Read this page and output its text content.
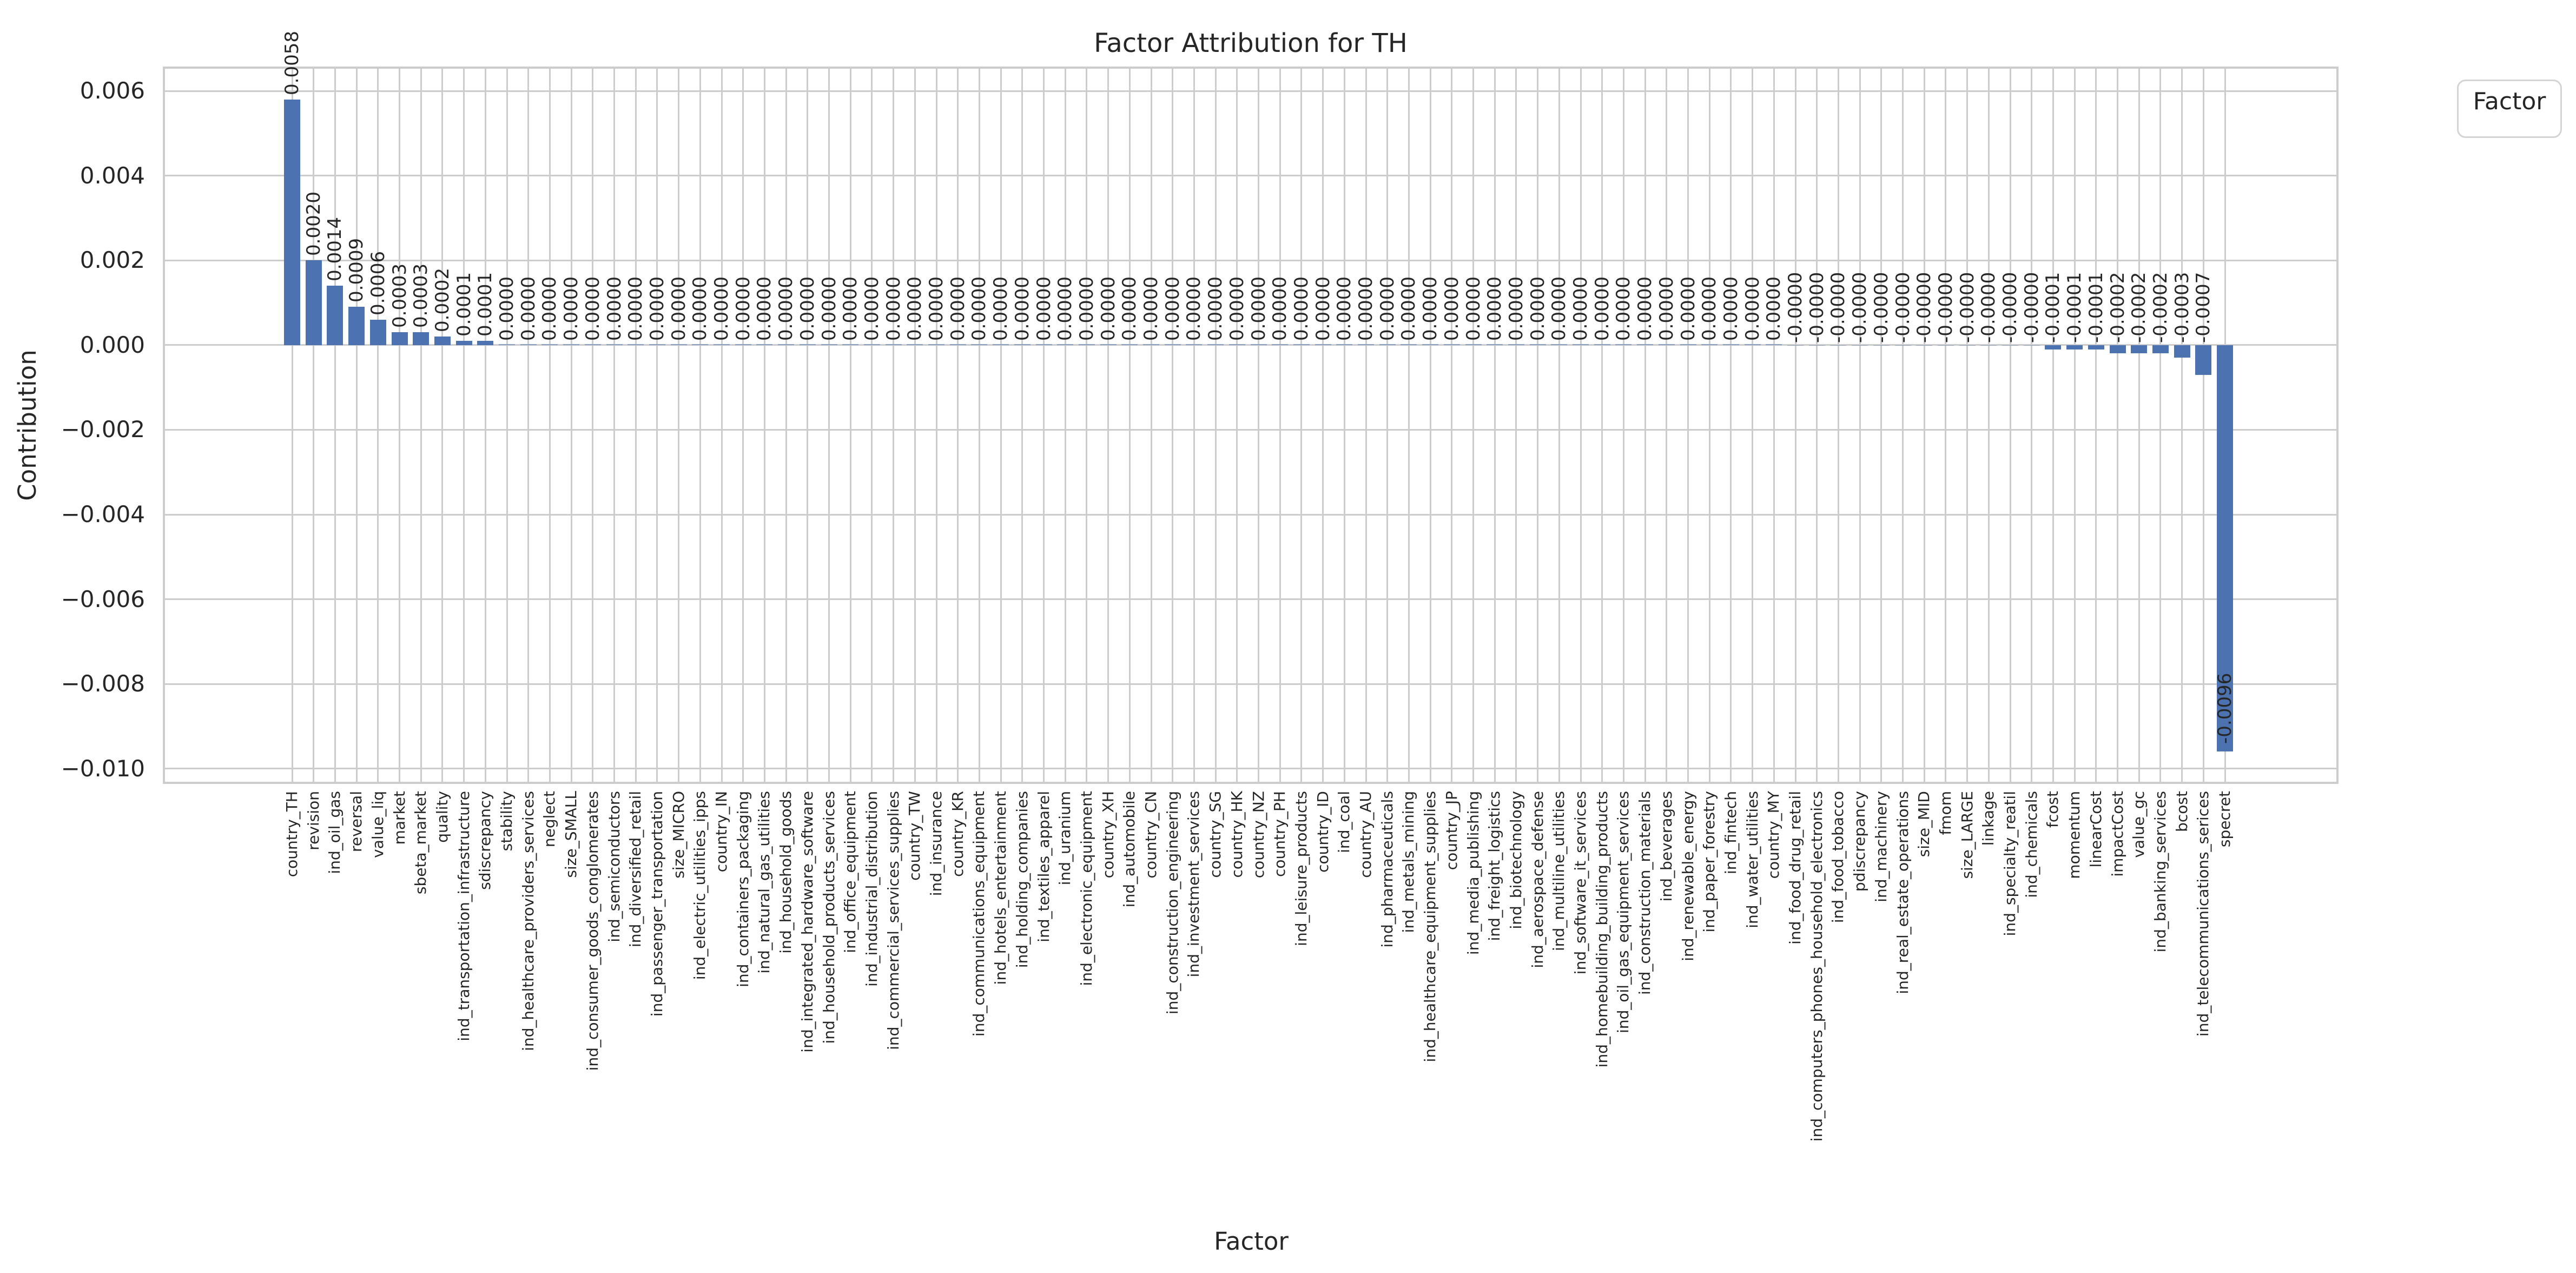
Factor Attribution for TH
Contribution
Factor
0.006
0.004
0.002
0.000
−0.002
−0.004
−0.006
−0.008
−0.010
0.0058
country_TH
0.0020
revision
0.0014
ind_oil_gas
0.0009
reversal
0.0006
value_liq
0.0003
market
0.0003
sbeta_market
0.0002
quality
0.0001
ind_transportation_infrastructure
0.0001
sdiscrepancy
0.0000
stability
0.0000
ind_healthcare_providers_services
0.0000
neglect
0.0000
size_SMALL
0.0000
ind_consumer_goods_conglomerates
0.0000
ind_semiconductors
0.0000
ind_diversified_retail
0.0000
ind_passenger_transportation
0.0000
size_MICRO
0.0000
ind_electric_utilities_ipps
0.0000
country_IN
0.0000
ind_containers_packaging
0.0000
ind_natural_gas_utilities
0.0000
ind_household_goods
0.0000
ind_integrated_hardware_software
0.0000
ind_household_products_services
0.0000
ind_office_equipment
0.0000
ind_industrial_distribution
0.0000
ind_commercial_services_supplies
0.0000
country_TW
0.0000
ind_insurance
0.0000
country_KR
0.0000
ind_communications_equipment
0.0000
ind_hotels_entertainment
0.0000
ind_holding_companies
0.0000
ind_textiles_apparel
0.0000
ind_uranium
0.0000
ind_electronic_equipment
0.0000
country_XH
0.0000
ind_automobile
0.0000
country_CN
0.0000
ind_construction_engineering
0.0000
ind_investment_services
0.0000
country_SG
0.0000
country_HK
0.0000
country_NZ
0.0000
country_PH
0.0000
ind_leisure_products
0.0000
country_ID
0.0000
ind_coal
0.0000
country_AU
0.0000
ind_pharmaceuticals
0.0000
ind_metals_mining
0.0000
ind_healthcare_equipment_supplies
0.0000
country_JP
0.0000
ind_media_publishing
0.0000
ind_freight_logistics
0.0000
ind_biotechnology
0.0000
ind_aerospace_defense
0.0000
ind_multiline_utilities
0.0000
ind_software_it_services
0.0000
ind_homebuilding_building_products
0.0000
ind_oil_gas_equipment_services
0.0000
ind_construction_materials
0.0000
ind_beverages
0.0000
ind_renewable_energy
0.0000
ind_paper_forestry
0.0000
ind_fintech
0.0000
ind_water_utilities
0.0000
country_MY
-0.0000
ind_food_drug_retail
-0.0000
ind_computers_phones_household_electronics
-0.0000
ind_food_tobacco
-0.0000
pdiscrepancy
-0.0000
ind_machinery
-0.0000
ind_real_estate_operations
-0.0000
size_MID
-0.0000
fmom
-0.0000
size_LARGE
-0.0000
linkage
-0.0000
ind_specialty_reatil
-0.0000
ind_chemicals
-0.0001
fcost
-0.0001
momentum
-0.0001
linearCost
-0.0002
impactCost
-0.0002
value_gc
-0.0002
ind_banking_services
-0.0003
bcost
-0.0007
ind_telecommunications_serices
-0.0096
specret
Factor
